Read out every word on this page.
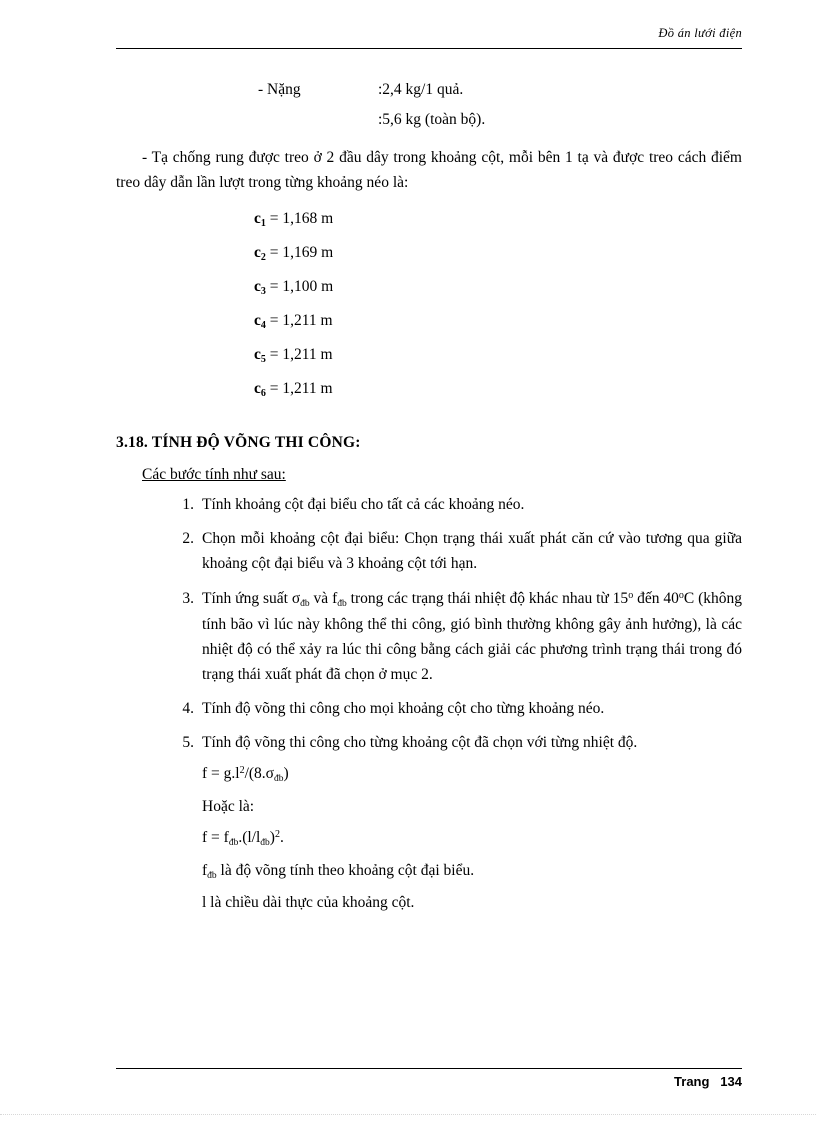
Đồ án lưới điện
- Nặng	:2,4 kg/1 quả.
:5,6 kg (toàn bộ).
- Tạ chống rung được treo ở 2 đầu dây trong khoảng cột, mỗi bên 1 tạ và được treo cách điểm treo dây dẫn lần lượt trong từng khoảng néo là:
$c_1 = 1,168$ m
$c_2 = 1,169$ m
$c_3 = 1,100$ m
$c_4 = 1,211$ m
$c_5 = 1,211$ m
$c_6 = 1,211$ m
3.18. TÍNH ĐỘ VÕNG THI CÔNG:
Các bước tính như sau:
Tính khoảng cột đại biểu cho tất cả các khoảng néo.
Chọn mỗi khoảng cột đại biểu: Chọn trạng thái xuất phát căn cứ vào tương qua giữa khoảng cột đại biểu và 3 khoảng cột tới hạn.
Tính ứng suất $\sigma_{đb}$ và $f_{đb}$ trong các trạng thái nhiệt độ khác nhau từ 15$^o$ đến 40$^o$C (không tính bão vì lúc này không thể thi công, gió bình thường không gây ảnh hưởng), là các nhiệt độ có thể xảy ra lúc thi công bằng cách giải các phương trình trạng thái trong đó trạng thái xuất phát đã chọn ở mục 2.
Tính độ võng thi công cho mọi khoảng cột cho từng khoảng néo.
Tính độ võng thi công cho từng khoảng cột đã chọn với từng nhiệt độ.
$f = g.l^2/(8.\sigma_{đb})$
Hoặc là:
$f = f_{đb}.(l/l_{đb})^2$.
$f_{đb}$ là độ võng tính theo khoảng cột đại biểu.
l là chiều dài thực của khoảng cột.
Trang 134
